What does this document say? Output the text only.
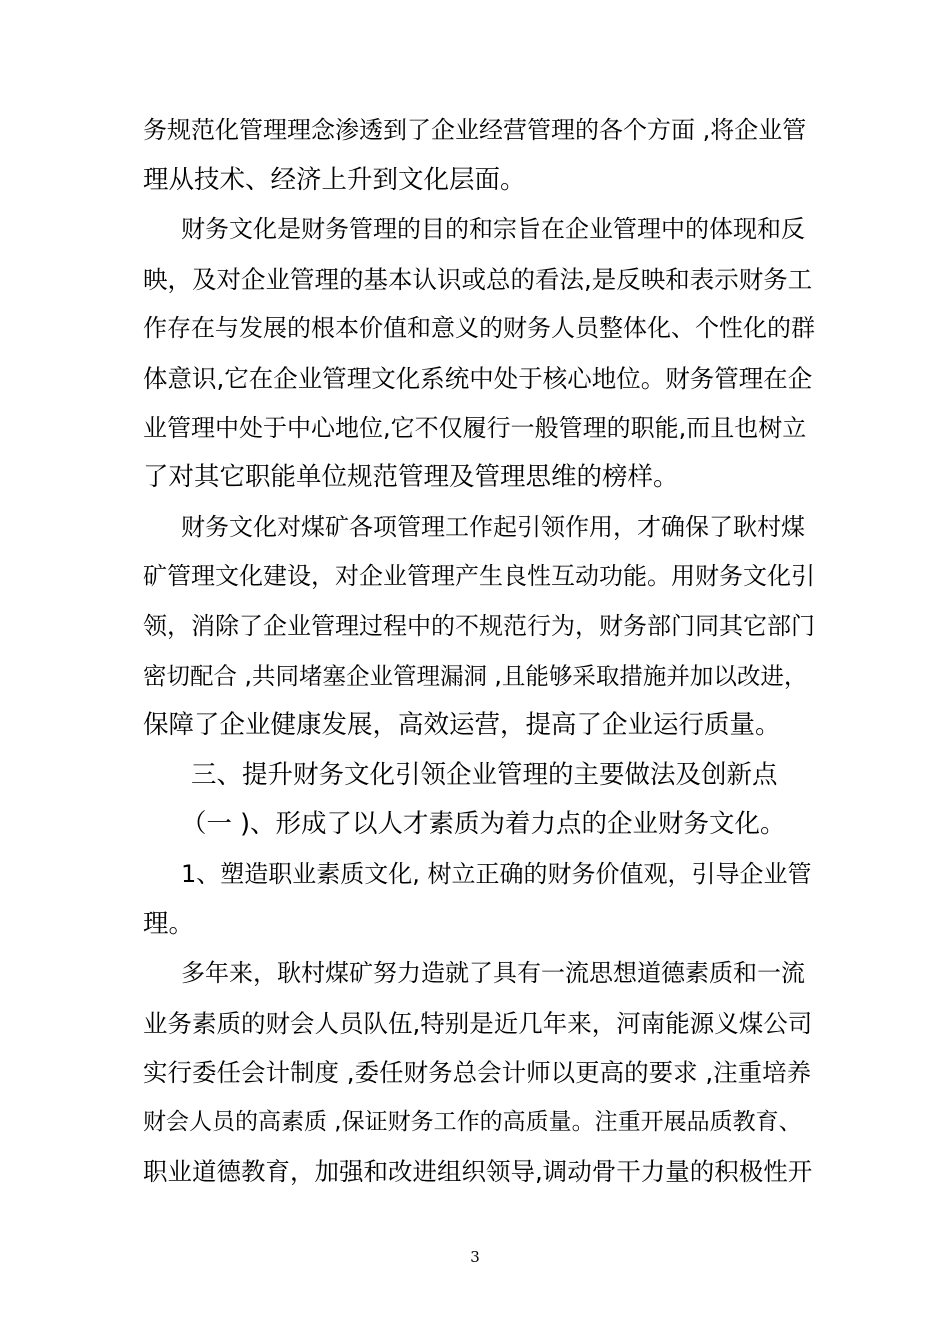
务规范化管理理念渗透到了企业经营管理的各个方面 ,将企业管

理从技术、经济上升到文化层面。

财务文化是财务管理的目的和宗旨在企业管理中的体现和反

映，及对企业管理的基本认识或总的看法,是反映和表示财务工

作存在与发展的根本价值和意义的财务人员整体化、个性化的群

体意识,它在企业管理文化系统中处于核心地位。财务管理在企

业管理中处于中心地位,它不仅履行一般管理的职能,而且也树立

了对其它职能单位规范管理及管理思维的榜样。

财务文化对煤矿各项管理工作起引领作用，才确保了耿村煤

矿管理文化建设，对企业管理产生良性互动功能。用财务文化引

领，消除了企业管理过程中的不规范行为，财务部门同其它部门

密切配合 ,共同堵塞企业管理漏洞 ,且能够采取措施并加以改进，

保障了企业健康发展，高效运营，提高了企业运行质量。

三、提升财务文化引领企业管理的主要做法及创新点

（一 )、形成了以人才素质为着力点的企业财务文化。

1、塑造职业素质文化, 树立正确的财务价值观，引导企业管

理。

多年来，耿村煤矿努力造就了具有一流思想道德素质和一流

业务素质的财会人员队伍,特别是近几年来，河南能源义煤公司

实行委任会计制度 ,委任财务总会计师以更高的要求 ,注重培养

财会人员的高素质 ,保证财务工作的高质量。注重开展品质教育、

职业道德教育，加强和改进组织领导,调动骨干力量的积极性开

3
